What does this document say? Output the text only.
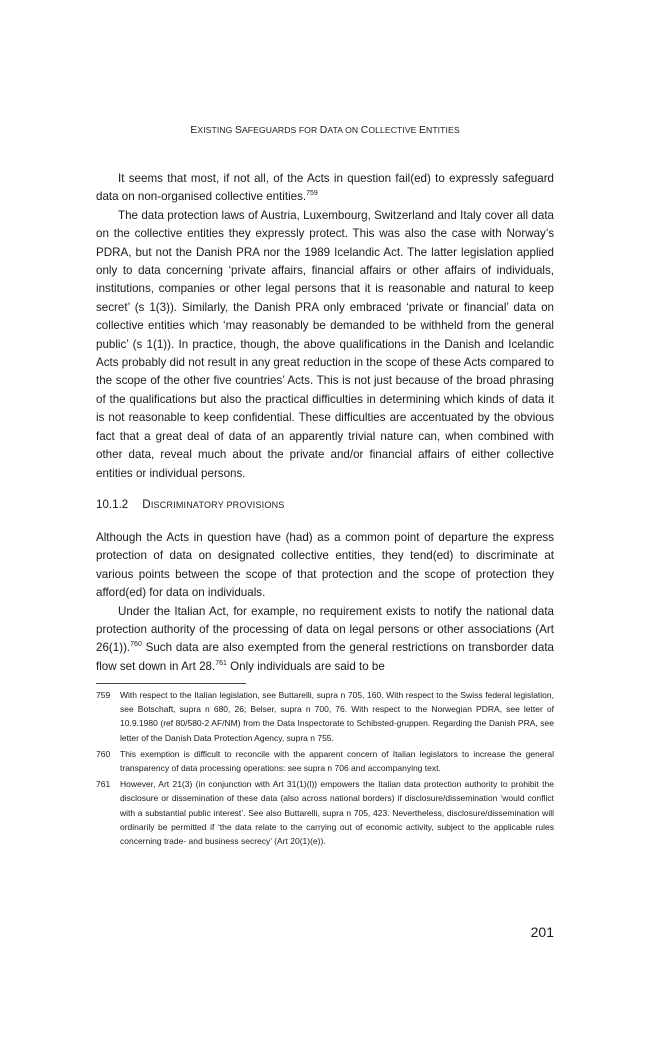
EXISTING SAFEGUARDS FOR DATA ON COLLECTIVE ENTITIES

It seems that most, if not all, of the Acts in question fail(ed) to expressly safeguard data on non-organised collective entities.$^{759}$

The data protection laws of Austria, Luxembourg, Switzerland and Italy cover all data on the collective entities they expressly protect. This was also the case with Norway’s PDRA, but not the Danish PRA nor the 1989 Icelandic Act. The latter legislation applied only to data concerning ‘private affairs, financial affairs or other affairs of individuals, institutions, companies or other legal persons that it is reasonable and natural to keep secret’ (s 1(3)). Similarly, the Danish PRA only embraced ‘private or financial’ data on collective entities which ‘may reasonably be demanded to be withheld from the general public’ (s 1(1)). In practice, though, the above qualifications in the Danish and Icelandic Acts probably did not result in any great reduction in the scope of these Acts compared to the scope of the other five countries’ Acts. This is not just because of the broad phrasing of the qualifications but also the practical difficulties in determining which kinds of data it is not reasonable to keep confidential. These difficulties are accentuated by the obvious fact that a great deal of data of an apparently trivial nature can, when combined with other data, reveal much about the private and/or financial affairs of either collective entities or individual persons.

10.1.2 DISCRIMINATORY PROVISIONS

Although the Acts in question have (had) as a common point of departure the express protection of data on designated collective entities, they tend(ed) to discriminate at various points between the scope of that protection and the scope of protection they afford(ed) for data on individuals.

Under the Italian Act, for example, no requirement exists to notify the national data protection authority of the processing of data on legal persons or other associations (Art 26(1)).$^{760}$ Such data are also exempted from the general restrictions on transborder data flow set down in Art 28.$^{761}$ Only individuals are said to be

759	With respect to the Italian legislation, see Buttarelli, supra n 705, 160. With respect to the Swiss federal legislation, see Botschaft, supra n 680, 26; Belser, supra n 700, 76. With respect to the Norwegian PDRA, see letter of 10.9.1980 (ref 80/580-2 AF/NM) from the Data Inspectorate to Schibsted-gruppen. Regarding the Danish PRA, see letter of the Danish Data Protection Agency, supra n 755.
760	This exemption is difficult to reconcile with the apparent concern of Italian legislators to increase the general transparency of data processing operations: see supra n 706 and accompanying text.
761	However, Art 21(3) (in conjunction with Art 31(1)(l)) empowers the Italian data protection authority to prohibit the disclosure or dissemination of these data (also across national borders) if disclosure/dissemination ‘would conflict with a substantial public interest’. See also Buttarelli, supra n 705, 423. Nevertheless, disclosure/dissemination will ordinarily be permitted if ‘the data relate to the carrying out of economic activity, subject to the applicable rules concerning trade- and business secrecy’ (Art 20(1)(e)).
201
